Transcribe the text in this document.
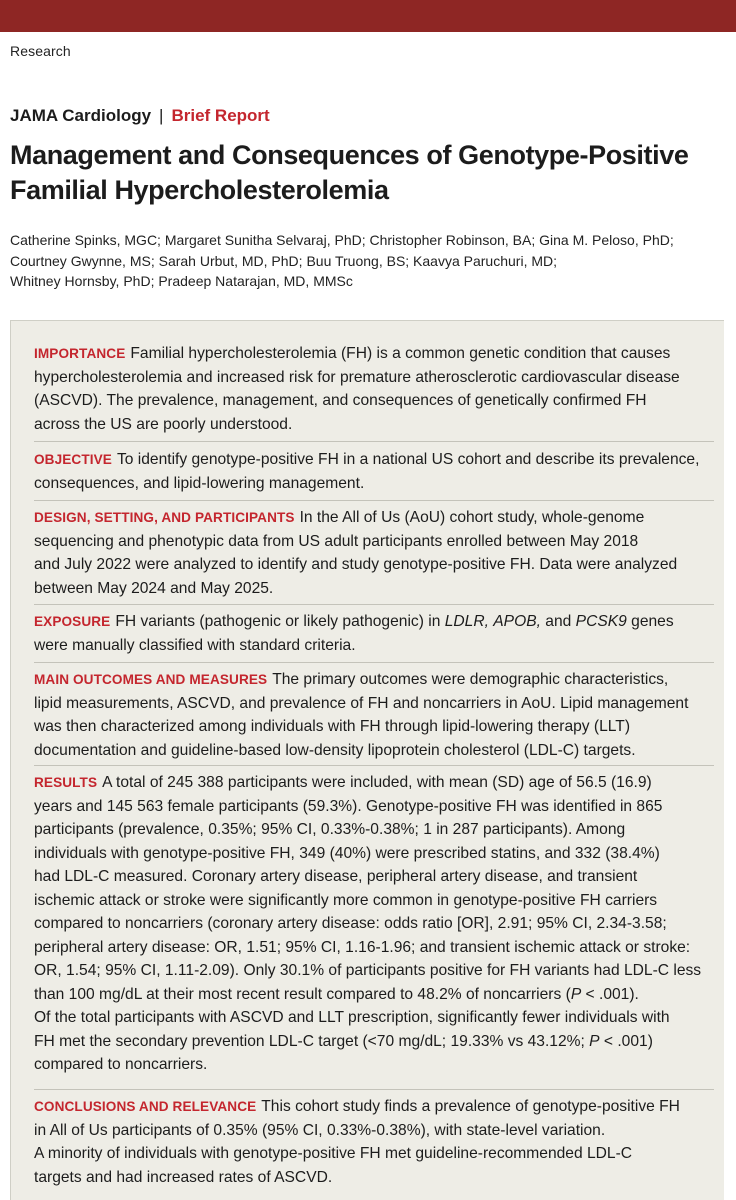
Research
JAMA Cardiology | Brief Report
Management and Consequences of Genotype-Positive Familial Hypercholesterolemia
Catherine Spinks, MGC; Margaret Sunitha Selvaraj, PhD; Christopher Robinson, BA; Gina M. Peloso, PhD;
Courtney Gwynne, MS; Sarah Urbut, MD, PhD; Buu Truong, BS; Kaavya Paruchuri, MD;
Whitney Hornsby, PhD; Pradeep Natarajan, MD, MMSc
IMPORTANCE Familial hypercholesterolemia (FH) is a common genetic condition that causes
hypercholesterolemia and increased risk for premature atherosclerotic cardiovascular disease
(ASCVD). The prevalence, management, and consequences of genetically confirmed FH
across the US are poorly understood.
OBJECTIVE To identify genotype-positive FH in a national US cohort and describe its prevalence,
consequences, and lipid-lowering management.
DESIGN, SETTING, AND PARTICIPANTS In the All of Us (AoU) cohort study, whole-genome
sequencing and phenotypic data from US adult participants enrolled between May 2018
and July 2022 were analyzed to identify and study genotype-positive FH. Data were analyzed
between May 2024 and May 2025.
EXPOSURE FH variants (pathogenic or likely pathogenic) in LDLR, APOB, and PCSK9 genes
were manually classified with standard criteria.
MAIN OUTCOMES AND MEASURES The primary outcomes were demographic characteristics,
lipid measurements, ASCVD, and prevalence of FH and noncarriers in AoU. Lipid management
was then characterized among individuals with FH through lipid-lowering therapy (LLT)
documentation and guideline-based low-density lipoprotein cholesterol (LDL-C) targets.
RESULTS A total of 245 388 participants were included, with mean (SD) age of 56.5 (16.9)
years and 145 563 female participants (59.3%). Genotype-positive FH was identified in 865
participants (prevalence, 0.35%; 95% CI, 0.33%-0.38%; 1 in 287 participants). Among
individuals with genotype-positive FH, 349 (40%) were prescribed statins, and 332 (38.4%)
had LDL-C measured. Coronary artery disease, peripheral artery disease, and transient
ischemic attack or stroke were significantly more common in genotype-positive FH carriers
compared to noncarriers (coronary artery disease: odds ratio [OR], 2.91; 95% CI, 2.34-3.58;
peripheral artery disease: OR, 1.51; 95% CI, 1.16-1.96; and transient ischemic attack or stroke:
OR, 1.54; 95% CI, 1.11-2.09). Only 30.1% of participants positive for FH variants had LDL-C less
than 100 mg/dL at their most recent result compared to 48.2% of noncarriers (P < .001).
Of the total participants with ASCVD and LLT prescription, significantly fewer individuals with
FH met the secondary prevention LDL-C target (<70 mg/dL; 19.33% vs 43.12%; P < .001)
compared to noncarriers.
CONCLUSIONS AND RELEVANCE This cohort study finds a prevalence of genotype-positive FH
in All of Us participants of 0.35% (95% CI, 0.33%-0.38%), with state-level variation.
A minority of individuals with genotype-positive FH met guideline-recommended LDL-C
targets and had increased rates of ASCVD.
